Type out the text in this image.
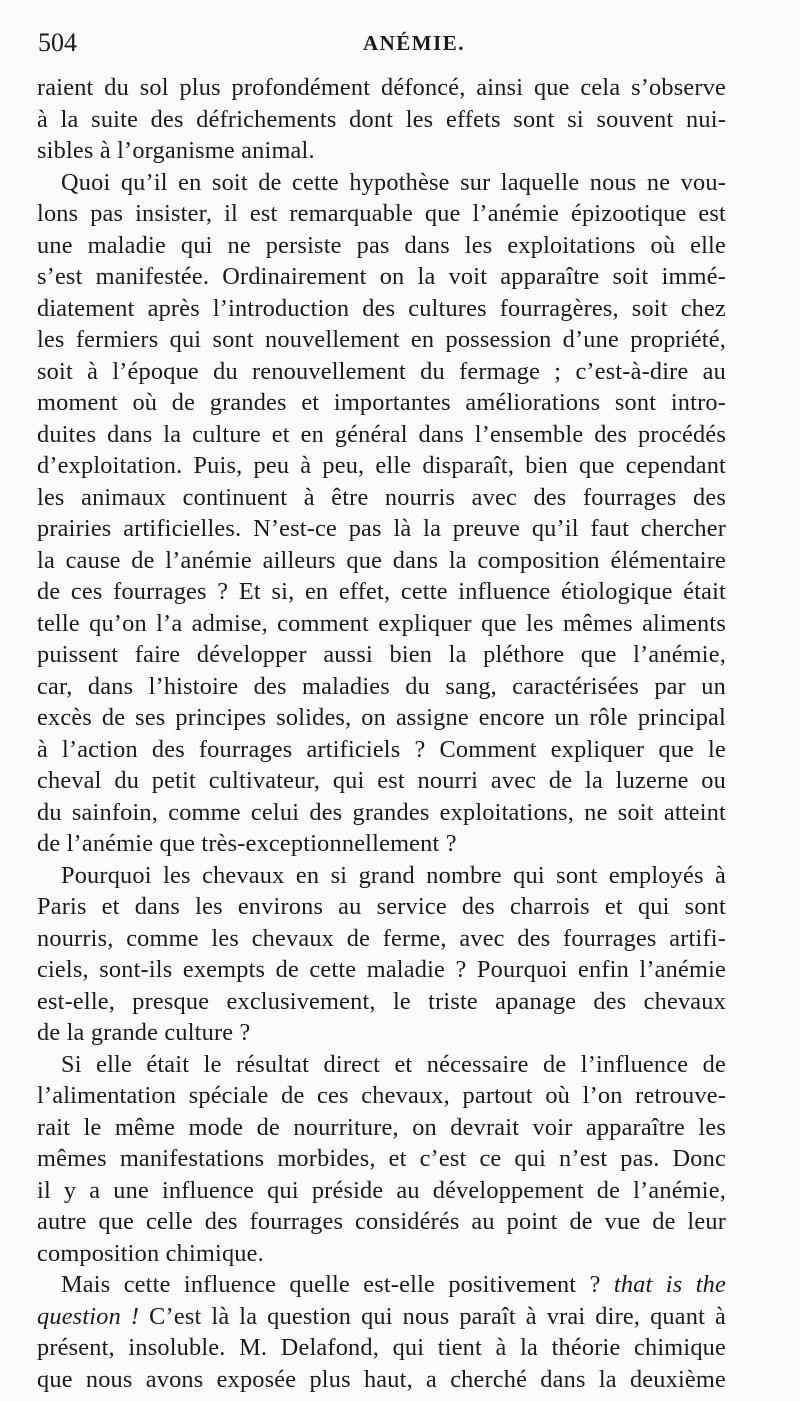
504	ANÉMIE.
raient du sol plus profondément défoncé, ainsi que cela s’observe
à la suite des défrichements dont les effets sont si souvent nui-
sibles à l’organisme animal.
Quoi qu’il en soit de cette hypothèse sur laquelle nous ne vou-
lons pas insister, il est remarquable que l’anémie épizootique est
une maladie qui ne persiste pas dans les exploitations où elle
s’est manifestée. Ordinairement on la voit apparaître soit immé-
diatement après l’introduction des cultures fourragères, soit chez
les fermiers qui sont nouvellement en possession d’une propriété,
soit à l’époque du renouvellement du fermage ; c’est-à-dire au
moment où de grandes et importantes améliorations sont intro-
duites dans la culture et en général dans l’ensemble des procédés
d’exploitation. Puis, peu à peu, elle disparaît, bien que cependant
les animaux continuent à être nourris avec des fourrages des
prairies artificielles. N’est-ce pas là la preuve qu’il faut chercher
la cause de l’anémie ailleurs que dans la composition élémentaire
de ces fourrages ? Et si, en effet, cette influence étiologique était
telle qu’on l’a admise, comment expliquer que les mêmes aliments
puissent faire développer aussi bien la pléthore que l’anémie,
car, dans l’histoire des maladies du sang, caractérisées par un
excès de ses principes solides, on assigne encore un rôle principal
à l’action des fourrages artificiels ? Comment expliquer que le
cheval du petit cultivateur, qui est nourri avec de la luzerne ou
du sainfoin, comme celui des grandes exploitations, ne soit atteint
de l’anémie que très-exceptionnellement ?
Pourquoi les chevaux en si grand nombre qui sont employés à
Paris et dans les environs au service des charrois et qui sont
nourris, comme les chevaux de ferme, avec des fourrages artifi-
ciels, sont-ils exempts de cette maladie ? Pourquoi enfin l’anémie
est-elle, presque exclusivement, le triste apanage des chevaux
de la grande culture ?
Si elle était le résultat direct et nécessaire de l’influence de
l’alimentation spéciale de ces chevaux, partout où l’on retrouve-
rait le même mode de nourriture, on devrait voir apparaître les
mêmes manifestations morbides, et c’est ce qui n’est pas. Donc
il y a une influence qui préside au développement de l’anémie,
autre que celle des fourrages considérés au point de vue de leur
composition chimique.
Mais cette influence quelle est-elle positivement ? that is the
question ! C’est là la question qui nous paraît à vrai dire, quant à
présent, insoluble. M. Delafond, qui tient à la théorie chimique
que nous avons exposée plus haut, a cherché dans la deuxième
